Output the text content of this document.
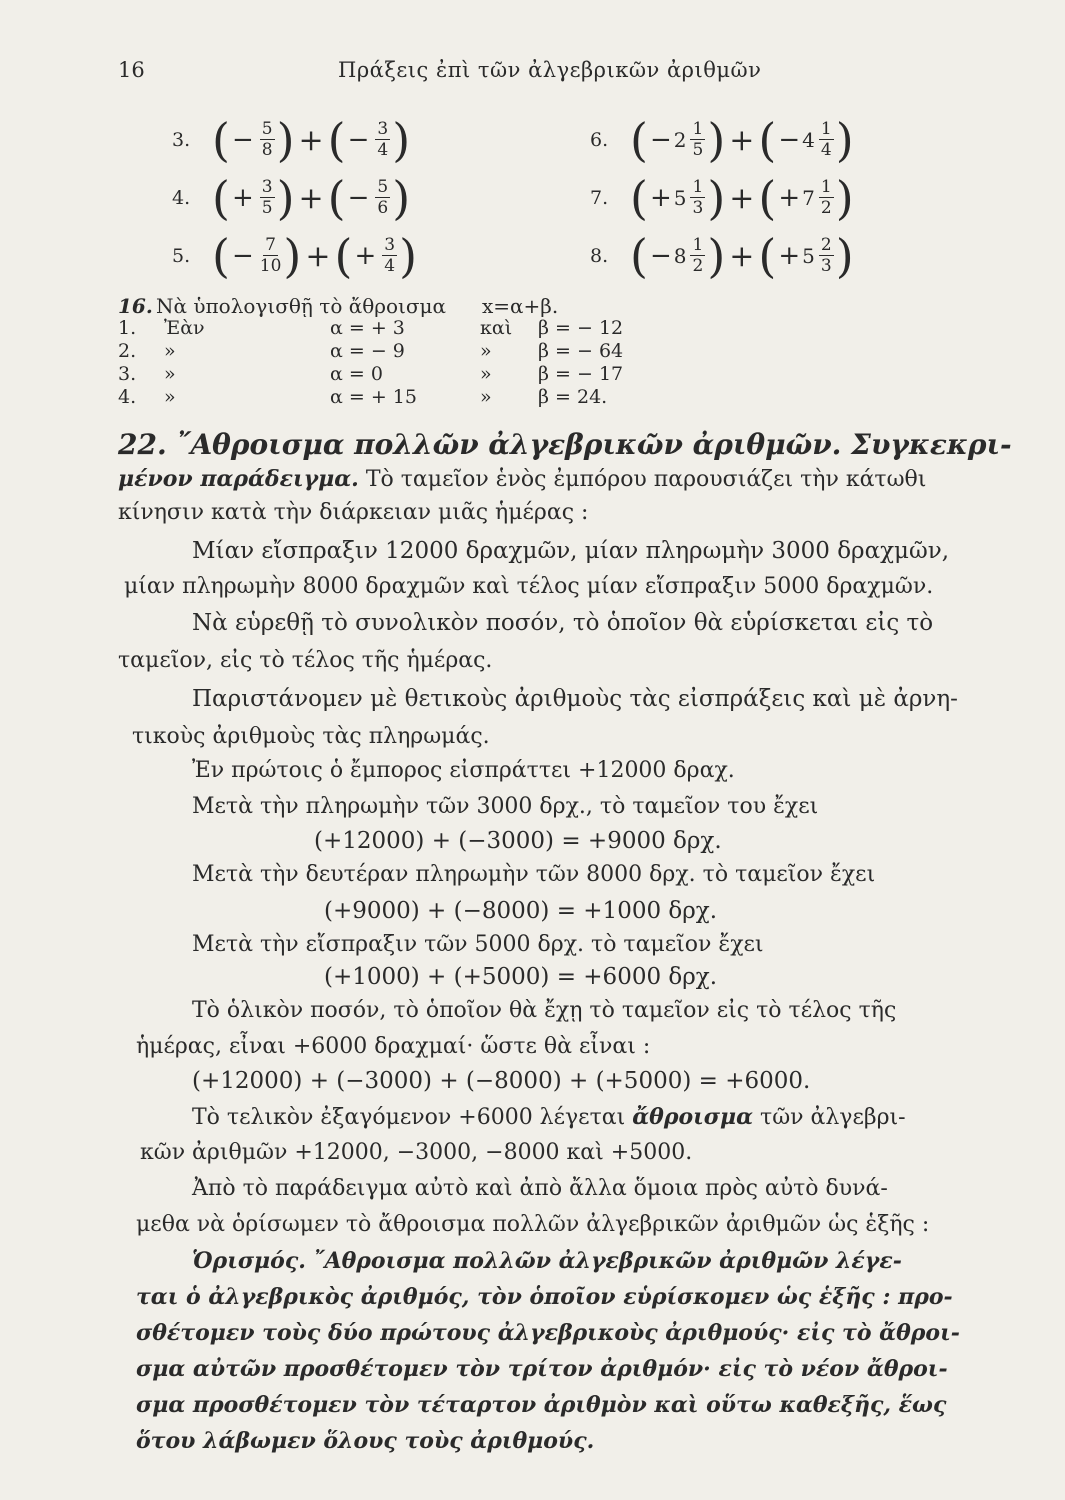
16	Πράξεις ἐπὶ τῶν ἀλγεβρικῶν ἀριθμῶν
3. ( − $\frac{5}{8}$ ) + ( − $\frac{3}{4}$ )
4. ( + $\frac{3}{5}$ ) + ( − $\frac{5}{6}$ )
5. ( − $\frac{7}{10}$ ) + ( + $\frac{3}{4}$ )
6. ( − $2 \frac{1}{5}$ ) + ( − $4 \frac{1}{4}$ )
7. ( + $5 \frac{1}{3}$ ) + ( + $7 \frac{1}{2}$ )
8. ( − $8 \frac{1}{2}$ ) + ( + $5 \frac{2}{3}$ )
16. Νὰ ὑπολογισθῇ τὸ ἄθροισμα x=α+β.
1. Ἐὰν	α = + 3	καὶ β = − 12
2. »	α = − 9	» β = − 64
3. »	α = 0	» β = − 17
4. »	α = + 15	» β = 24.
22. ῎Αθροισμα πολλῶν ἀλγεβρικῶν ἀριθμῶν. Συγκεκρι-
μένον παράδειγμα. Τὸ ταμεῖον ἑνὸς ἐμπόρου παρουσιάζει τὴν κάτωθι
κίνησιν κατὰ τὴν διάρκειαν μιᾶς ἡμέρας :
Μίαν εἴσπραξιν 12000 δραχμῶν, μίαν πληρωμὴν 3000 δραχμῶν,
μίαν πληρωμὴν 8000 δραχμῶν καὶ τέλος μίαν εἴσπραξιν 5000 δραχμῶν.
Νὰ εὑρεθῇ τὸ συνολικὸν ποσόν, τὸ ὁποῖον θὰ εὑρίσκεται εἰς τὸ
ταμεῖον, εἰς τὸ τέλος τῆς ἡμέρας.
Παριστάνομεν μὲ θετικοὺς ἀριθμοὺς τὰς εἰσπράξεις καὶ μὲ ἀρνη-
τικοὺς ἀριθμοὺς τὰς πληρωμάς.
Ἐν πρώτοις ὁ ἔμπορος εἰσπράττει +12000 δραχ.
Μετὰ τὴν πληρωμὴν τῶν 3000 δρχ., τὸ ταμεῖον του ἔχει
(+12000) + (−3000) = +9000 δρχ.
Μετὰ τὴν δευτέραν πληρωμὴν τῶν 8000 δρχ. τὸ ταμεῖον ἔχει
(+9000) + (−8000) = +1000 δρχ.
Μετὰ τὴν εἴσπραξιν τῶν 5000 δρχ. τὸ ταμεῖον ἔχει
(+1000) + (+5000) = +6000 δρχ.
Τὸ ὁλικὸν ποσόν, τὸ ὁποῖον θὰ ἔχῃ τὸ ταμεῖον εἰς τὸ τέλος τῆς
ἡμέρας, εἶναι +6000 δραχμαί· ὥστε θὰ εἶναι :
(+12000) + (−3000) + (−8000) + (+5000) = +6000.
Τὸ τελικὸν ἐξαγόμενον +6000 λέγεται ἄθροισμα τῶν ἀλγεβρι-
κῶν ἀριθμῶν +12000, −3000, −8000 καὶ +5000.
Ἀπὸ τὸ παράδειγμα αὐτὸ καὶ ἀπὸ ἄλλα ὅμοια πρὸς αὐτὸ δυνά-
μεθα νὰ ὁρίσωμεν τὸ ἄθροισμα πολλῶν ἀλγεβρικῶν ἀριθμῶν ὡς ἑξῆς :
Ὁρισμός. ῎Αθροισμα πολλῶν ἀλγεβρικῶν ἀριθμῶν λέγε-
ται ὁ ἀλγεβρικὸς ἀριθμός, τὸν ὁποῖον εὑρίσκομεν ὡς ἑξῆς : προ-
σθέτομεν τοὺς δύο πρώτους ἀλγεβρικοὺς ἀριθμούς· εἰς τὸ ἄθροι-
σμα αὐτῶν προσθέτομεν τὸν τρίτον ἀριθμόν· εἰς τὸ νέον ἄθροι-
σμα προσθέτομεν τὸν τέταρτον ἀριθμὸν καὶ οὕτω καθεξῆς, ἕως
ὅτου λάβωμεν ὅλους τοὺς ἀριθμούς.
